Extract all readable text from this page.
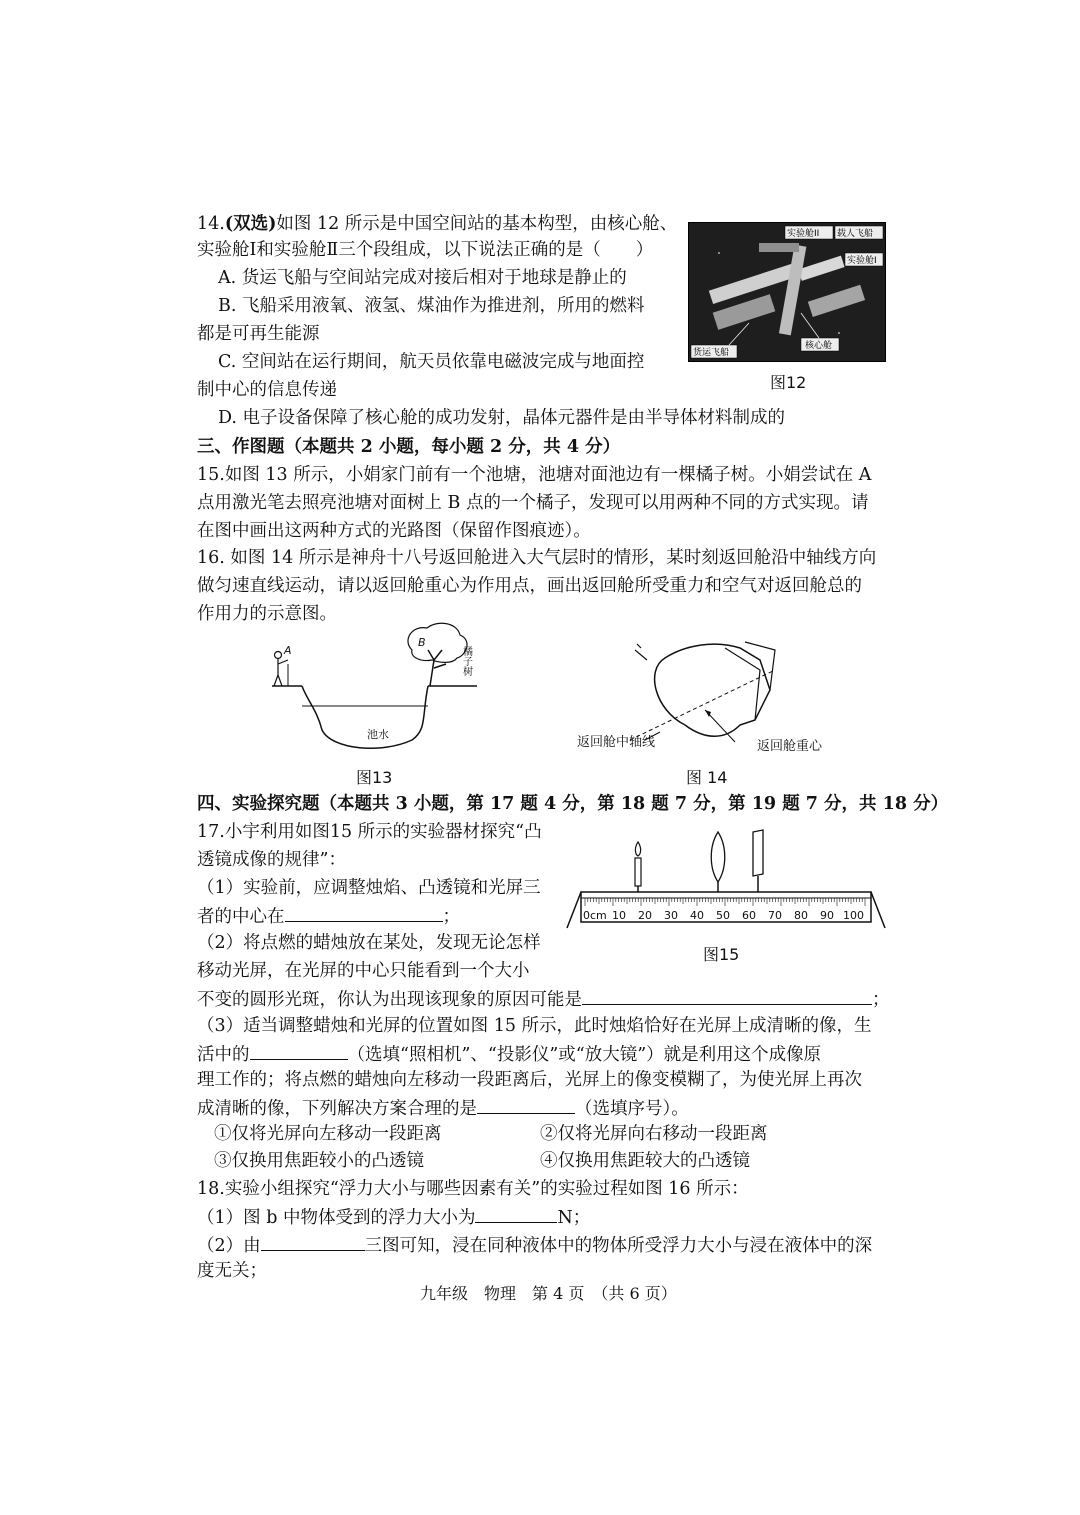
14.(双选)如图 12 所示是中国空间站的基本构型，由核心舱、
实验舱Ⅰ和实验舱Ⅱ三个段组成，以下说法正确的是（　　）
A. 货运飞船与空间站完成对接后相对于地球是静止的
B. 飞船采用液氧、液氢、煤油作为推进剂，所用的燃料
都是可再生能源
C. 空间站在运行期间，航天员依靠电磁波完成与地面控
制中心的信息传递
D. 电子设备保障了核心舱的成功发射，晶体元器件是由半导体材料制成的
实验舱II 载人飞船
实验舱I
货运飞船
核心舱
图12
三、作图题（本题共 2 小题，每小题 2 分，共 4 分）
15.如图 13 所示，小娟家门前有一个池塘，池塘对面池边有一棵橘子树。小娟尝试在 A
点用激光笔去照亮池塘对面树上 B 点的一个橘子，发现可以用两种不同的方式实现。请
在图中画出这两种方式的光路图（保留作图痕迹）。
16. 如图 14 所示是神舟十八号返回舱进入大气层时的情形，某时刻返回舱沿中轴线方向
做匀速直线运动，请以返回舱重心为作用点，画出返回舱所受重力和空气对返回舱总的
作用力的示意图。
A
B
橘子树
池水
图13
返回舱中轴线	返回舱重心
图 14
四、实验探究题（本题共 3 小题，第 17 题 4 分，第 18 题 7 分，第 19 题 7 分，共 18 分）
17.小宇利用如图15 所示的实验器材探究“凸
透镜成像的规律”：
（1）实验前，应调整烛焰、凸透镜和光屏三
者的中心在	；
（2）将点燃的蜡烛放在某处，发现无论怎样
移动光屏，在光屏的中心只能看到一个大小
不变的圆形光斑，你认为出现该现象的原因可能是	；
（3）适当调整蜡烛和光屏的位置如图 15 所示，此时烛焰恰好在光屏上成清晰的像，生
活中的	（选填“照相机”、“投影仪”或“放大镜”）就是利用这个成像原
理工作的；将点燃的蜡烛向左移动一段距离后，光屏上的像变模糊了，为使光屏上再次
成清晰的像，下列解决方案合理的是	（选填序号）。
①仅将光屏向左移动一段距离	②仅将光屏向右移动一段距离
③仅换用焦距较小的凸透镜	④仅换用焦距较大的凸透镜
0cm 10 20 30 40 50 60 70 80 90 100
图15
18.实验小组探究“浮力大小与哪些因素有关”的实验过程如图 16 所示：
（1）图 b 中物体受到的浮力大小为	N；
（2）由	三图可知，浸在同种液体中的物体所受浮力大小与浸在液体中的深
度无关；
九年级　物理　第 4 页　（共 6 页）
